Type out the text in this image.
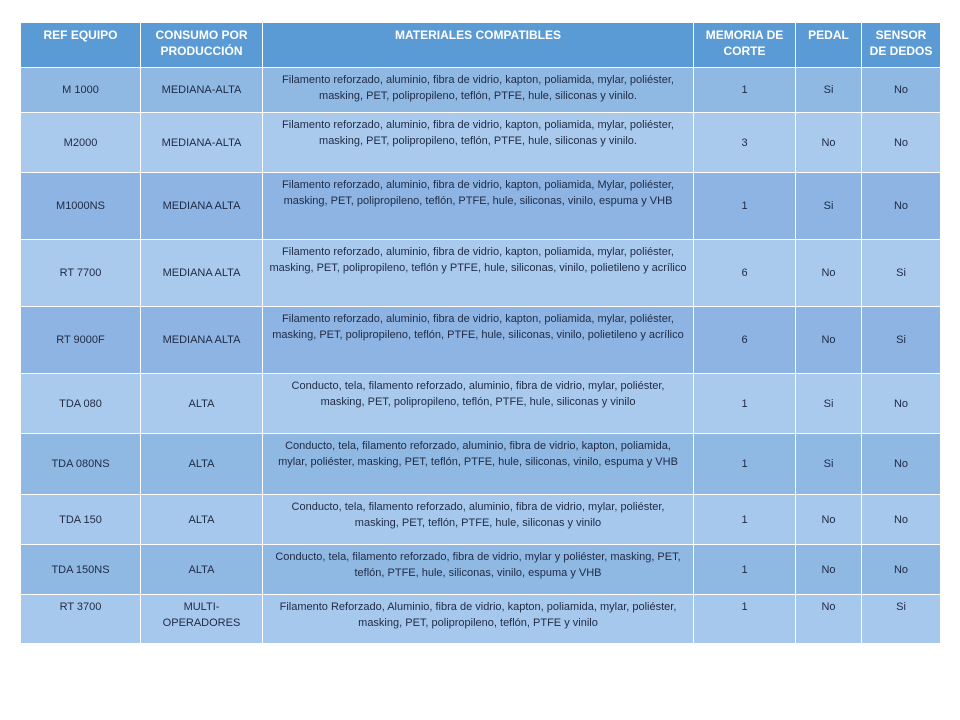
REF EQUIPO	CONSUMO POR PRODUCCIÓN	MATERIALES COMPATIBLES	MEMORIA DE CORTE	PEDAL	SENSOR DE DEDOS
M 1000	MEDIANA-ALTA	Filamento reforzado, aluminio, fibra de vidrio, kapton, poliamida, mylar, poliéster, masking, PET, polipropileno, teflón, PTFE, hule, siliconas y vinilo.	1	Si	No
M2000	MEDIANA-ALTA	Filamento reforzado, aluminio, fibra de vidrio, kapton, poliamida, mylar, poliéster, masking, PET, polipropileno, teflón, PTFE, hule, siliconas y vinilo.	3	No	No
M1000NS	MEDIANA ALTA	Filamento reforzado, aluminio, fibra de vidrio, kapton, poliamida, Mylar, poliéster, masking, PET, polipropileno, teflón, PTFE, hule, siliconas, vinilo, espuma y VHB	1	Si	No
RT 7700	MEDIANA ALTA	Filamento reforzado, aluminio, fibra de vidrio, kapton, poliamida, mylar, poliéster, masking, PET, polipropileno, teflón y PTFE, hule, siliconas, vinilo, polietileno y acrílico	6	No	Si
RT 9000F	MEDIANA ALTA	Filamento reforzado, aluminio, fibra de vidrio, kapton, poliamida, mylar, poliéster, masking, PET, polipropileno, teflón, PTFE, hule, siliconas, vinilo, polietileno y acrílico	6	No	Si
TDA 080	ALTA	Conducto, tela, filamento reforzado, aluminio, fibra de vidrio, mylar, poliéster, masking, PET, polipropileno, teflón, PTFE, hule, siliconas y vinilo	1	Si	No
TDA 080NS	ALTA	Conducto, tela, filamento reforzado, aluminio, fibra de vidrio, kapton, poliamida, mylar, poliéster, masking, PET, teflón, PTFE, hule, siliconas, vinilo, espuma y VHB	1	Si	No
TDA 150	ALTA	Conducto, tela, filamento reforzado, aluminio, fibra de vidrio, mylar, poliéster, masking, PET, teflón, PTFE, hule, siliconas y vinilo	1	No	No
TDA 150NS	ALTA	Conducto, tela, filamento reforzado, fibra de vidrio, mylar y poliéster, masking, PET, teflón, PTFE, hule, siliconas, vinilo, espuma y VHB	1	No	No
RT 3700	MULTI-OPERADORES	Filamento Reforzado, Aluminio, fibra de vidrio, kapton, poliamida, mylar, poliéster, masking, PET, polipropileno, teflón, PTFE y vinilo	1	No	Si
